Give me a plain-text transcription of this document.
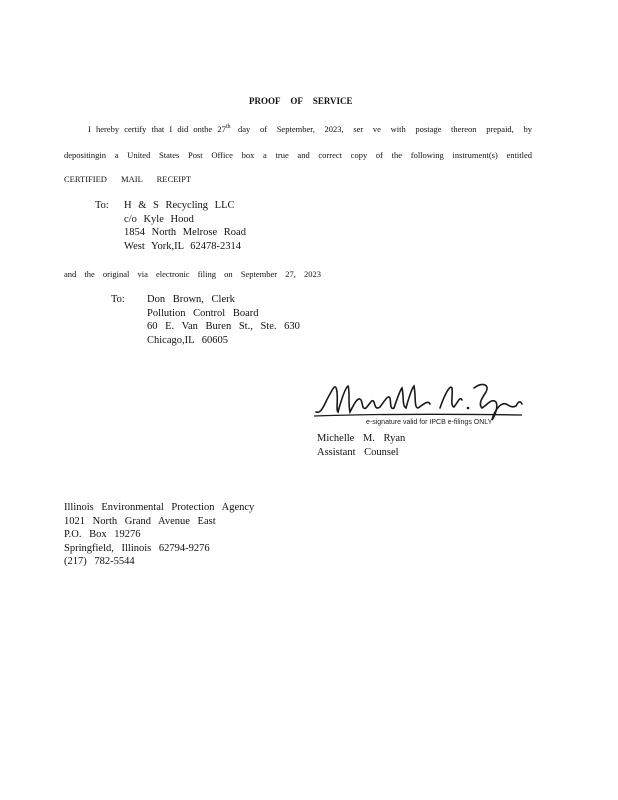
PROOF OF SERVICE
I hereby certify that I did onthe 27th day of September, 2023, ser ve with postage thereon prepaid, by
depositingin a United States Post Office box a true and correct copy of the following instrument(s) entitled
CERTIFIED MAIL RECEIPT
To: H & S Recycling LLC
c/o Kyle Hood
1854 North Melrose Road
West York,IL 62478-2314
and the original via electronic filing on September 27, 2023
To: Don Brown, Clerk
Pollution Control Board
60 E. Van Buren St., Ste. 630
Chicago,IL 60605
e-signature valid for IPCB e-filings ONLY
Michelle M. Ryan
Assistant Counsel
Illinois Environmental Protection Agency
1021 North Grand Avenue East
P.O. Box 19276
Springfield, Illinois 62794-9276
(217) 782-5544
